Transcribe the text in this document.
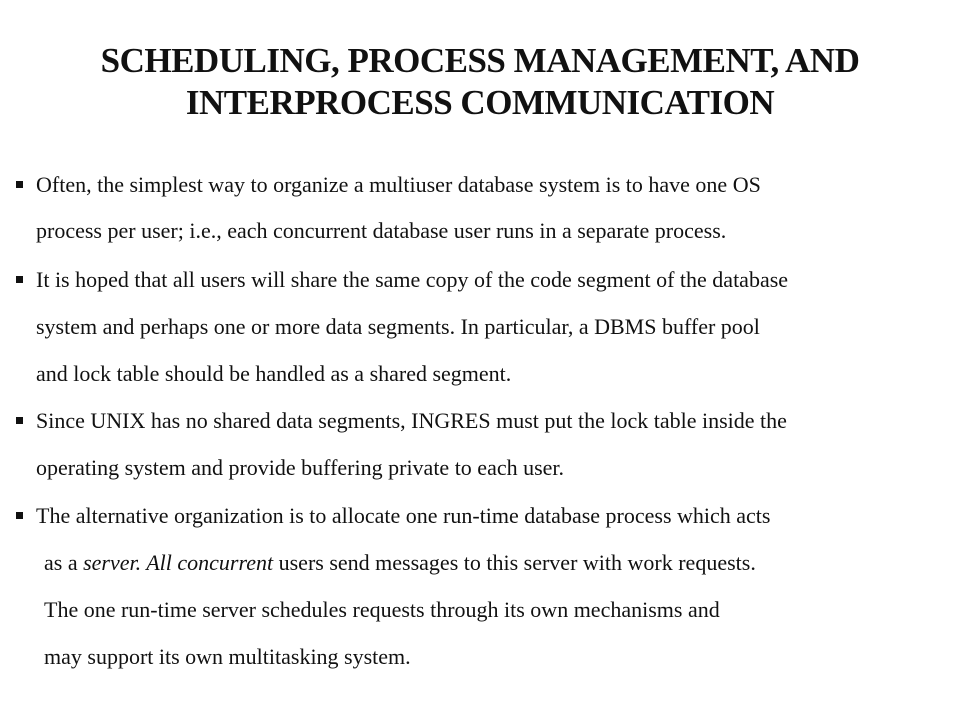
SCHEDULING, PROCESS MANAGEMENT, AND
INTERPROCESS COMMUNICATION
Often, the simplest way to organize a multiuser database system is to have one OS
process per user; i.e., each concurrent database user runs in a separate process.
It is hoped that all users will share the same copy of the code segment of the database
system and perhaps one or more data segments. In particular, a DBMS buffer pool
and lock table should be handled as a shared segment.
Since UNIX has no shared data segments, INGRES must put the lock table inside the
operating system and provide buffering private to each user.
The alternative organization is to allocate one run-time database process which acts
as a server. All concurrent users send messages to this server with work requests.
The one run-time server schedules requests through its own mechanisms and
may support its own multitasking system.
